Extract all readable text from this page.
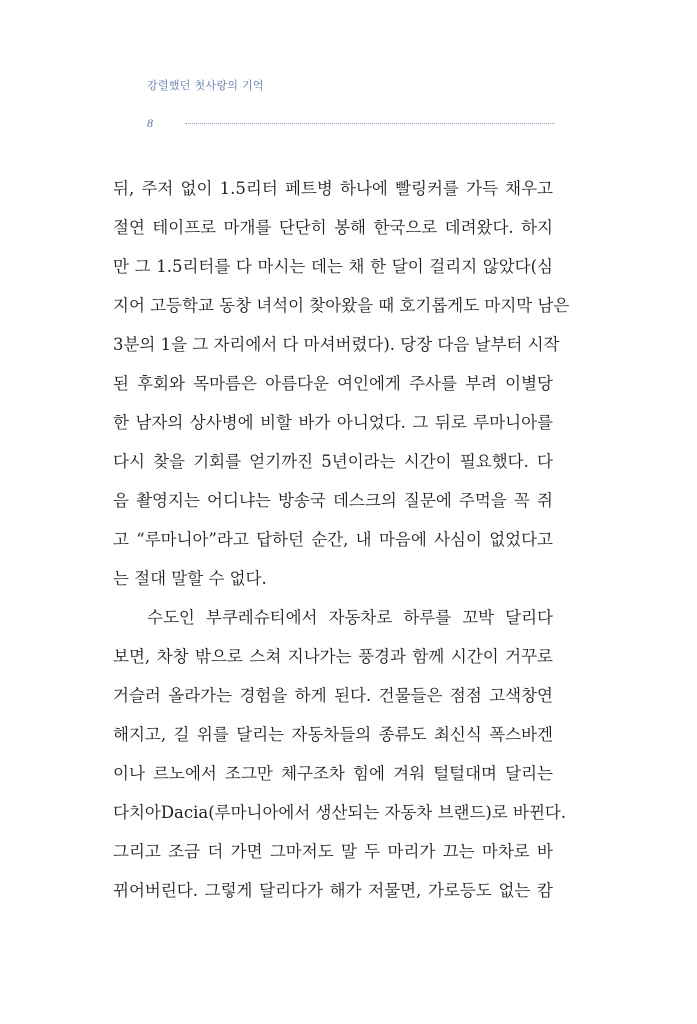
강렬했던 첫사랑의 기억
8
뒤, 주저 없이 1.5리터 페트병 하나에 빨링커를 가득 채우고
절연 테이프로 마개를 단단히 봉해 한국으로 데려왔다. 하지
만 그 1.5리터를 다 마시는 데는 채 한 달이 걸리지 않았다(심
지어 고등학교 동창 녀석이 찾아왔을 때 호기롭게도 마지막 남은
3분의 1을 그 자리에서 다 마셔버렸다). 당장 다음 날부터 시작
된 후회와 목마름은 아름다운 여인에게 주사를 부려 이별당
한 남자의 상사병에 비할 바가 아니었다. 그 뒤로 루마니아를
다시 찾을 기회를 얻기까진 5년이라는 시간이 필요했다. 다
음 촬영지는 어디냐는 방송국 데스크의 질문에 주먹을 꼭 쥐
고 “루마니아”라고 답하던 순간, 내 마음에 사심이 없었다고
는 절대 말할 수 없다.
수도인 부쿠레슈티에서 자동차로 하루를 꼬박 달리다
보면, 차창 밖으로 스쳐 지나가는 풍경과 함께 시간이 거꾸로
거슬러 올라가는 경험을 하게 된다. 건물들은 점점 고색창연
해지고, 길 위를 달리는 자동차들의 종류도 최신식 폭스바겐
이나 르노에서 조그만 체구조차 힘에 겨워 털털대며 달리는
다치아Dacia(루마니아에서 생산되는 자동차 브랜드)로 바뀐다.
그리고 조금 더 가면 그마저도 말 두 마리가 끄는 마차로 바
뀌어버린다. 그렇게 달리다가 해가 저물면, 가로등도 없는 캄
